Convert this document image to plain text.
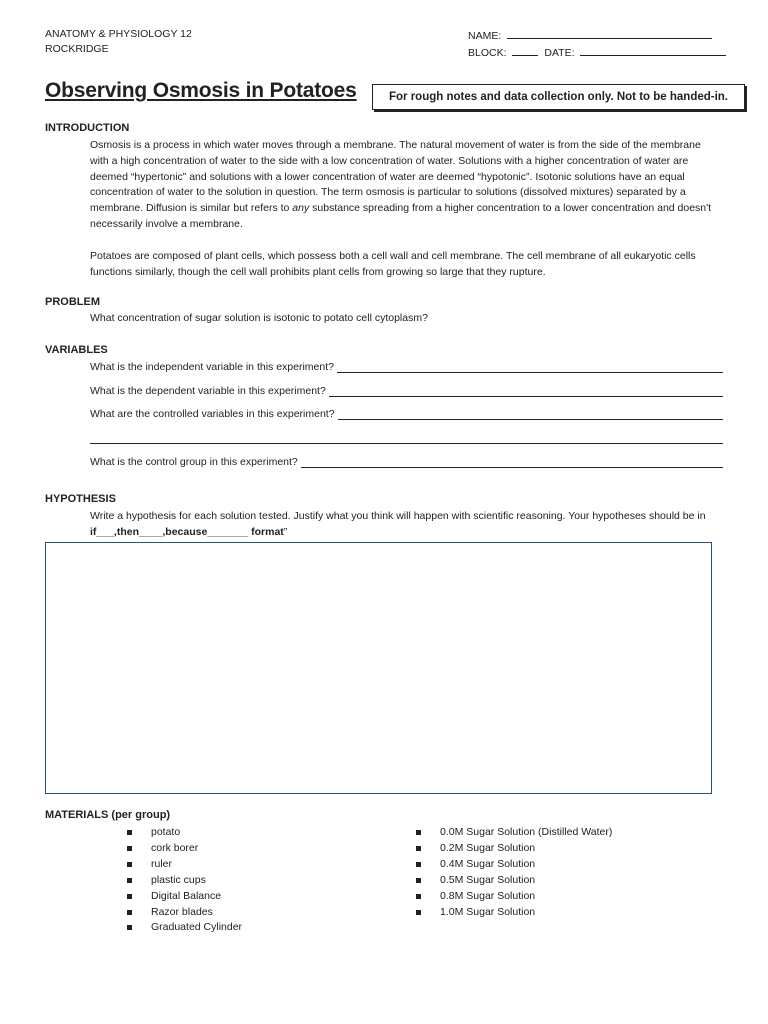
ANATOMY & PHYSIOLOGY 12
ROCKRIDGE
NAME:
BLOCK:	DATE:
Observing Osmosis in Potatoes	For rough notes and data collection only. Not to be handed-in.
INTRODUCTION
Osmosis is a process in which water moves through a membrane. The natural movement of water is from the side of the membrane with a high concentration of water to the side with a low concentration of water. Solutions with a higher concentration of water are deemed “hypertonic” and solutions with a lower concentration of water are deemed “hypotonic”. Isotonic solutions have an equal concentration of water to the solution in question. The term osmosis is particular to solutions (dissolved mixtures) separated by a membrane. Diffusion is similar but refers to any substance spreading from a higher concentration to a lower concentration and doesn't necessarily involve a membrane.
Potatoes are composed of plant cells, which possess both a cell wall and cell membrane. The cell membrane of all eukaryotic cells functions similarly, though the cell wall prohibits plant cells from growing so large that they rupture.
PROBLEM
What concentration of sugar solution is isotonic to potato cell cytoplasm?
VARIABLES
What is the independent variable in this experiment?
What is the dependent variable in this experiment?
What are the controlled variables in this experiment?
What is the control group in this experiment?
HYPOTHESIS
Write a hypothesis for each solution tested. Justify what you think will happen with scientific reasoning. Your hypotheses should be in if___,then____,because_______ format”
MATERIALS (per group)
potato
cork borer
ruler
plastic cups
Digital Balance
Razor blades
Graduated Cylinder
0.0M Sugar Solution (Distilled Water)
0.2M Sugar Solution
0.4M Sugar Solution
0.5M Sugar Solution
0.8M Sugar Solution
1.0M Sugar Solution
